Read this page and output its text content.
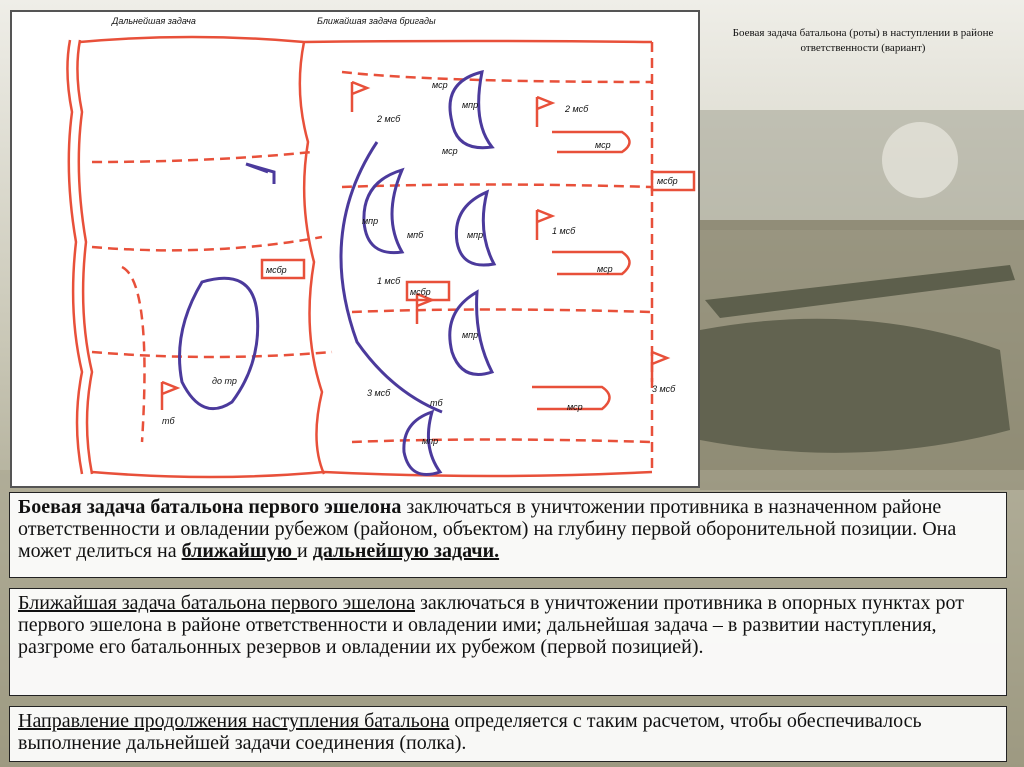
Дальнейшая задача	Ближайшая задача бригады
мср
мпр
2 мсб
2 мсб
мср
мср
мсбр
мпр
мпб	мпр	1 мсб
1 мсб
мсбр
мсбр
мср
мпр
до тр
тб
3 мсб
тб
3 мсб
мср
мпр
Боевая задача батальона (роты) в наступлении в районе ответственности (вариант)
Боевая задача батальона первого эшелона заключаться в уничтожении противника в назначенном районе ответственности и овладении рубежом (районом, объектом) на глубину первой оборонительной позиции. Она может делиться на ближайшую и дальнейшую задачи.
Ближайшая задача батальона первого эшелона заключаться в уничтожении противника в опорных пунктах рот первого эшелона в районе ответственности и овладении ими; дальнейшая задача – в развитии наступления, разгроме его батальонных резервов и овладении их рубежом (первой позицией).
Направление продолжения наступления батальона определяется с таким расчетом, чтобы обеспечивалось выполнение дальнейшей задачи соединения (полка).
